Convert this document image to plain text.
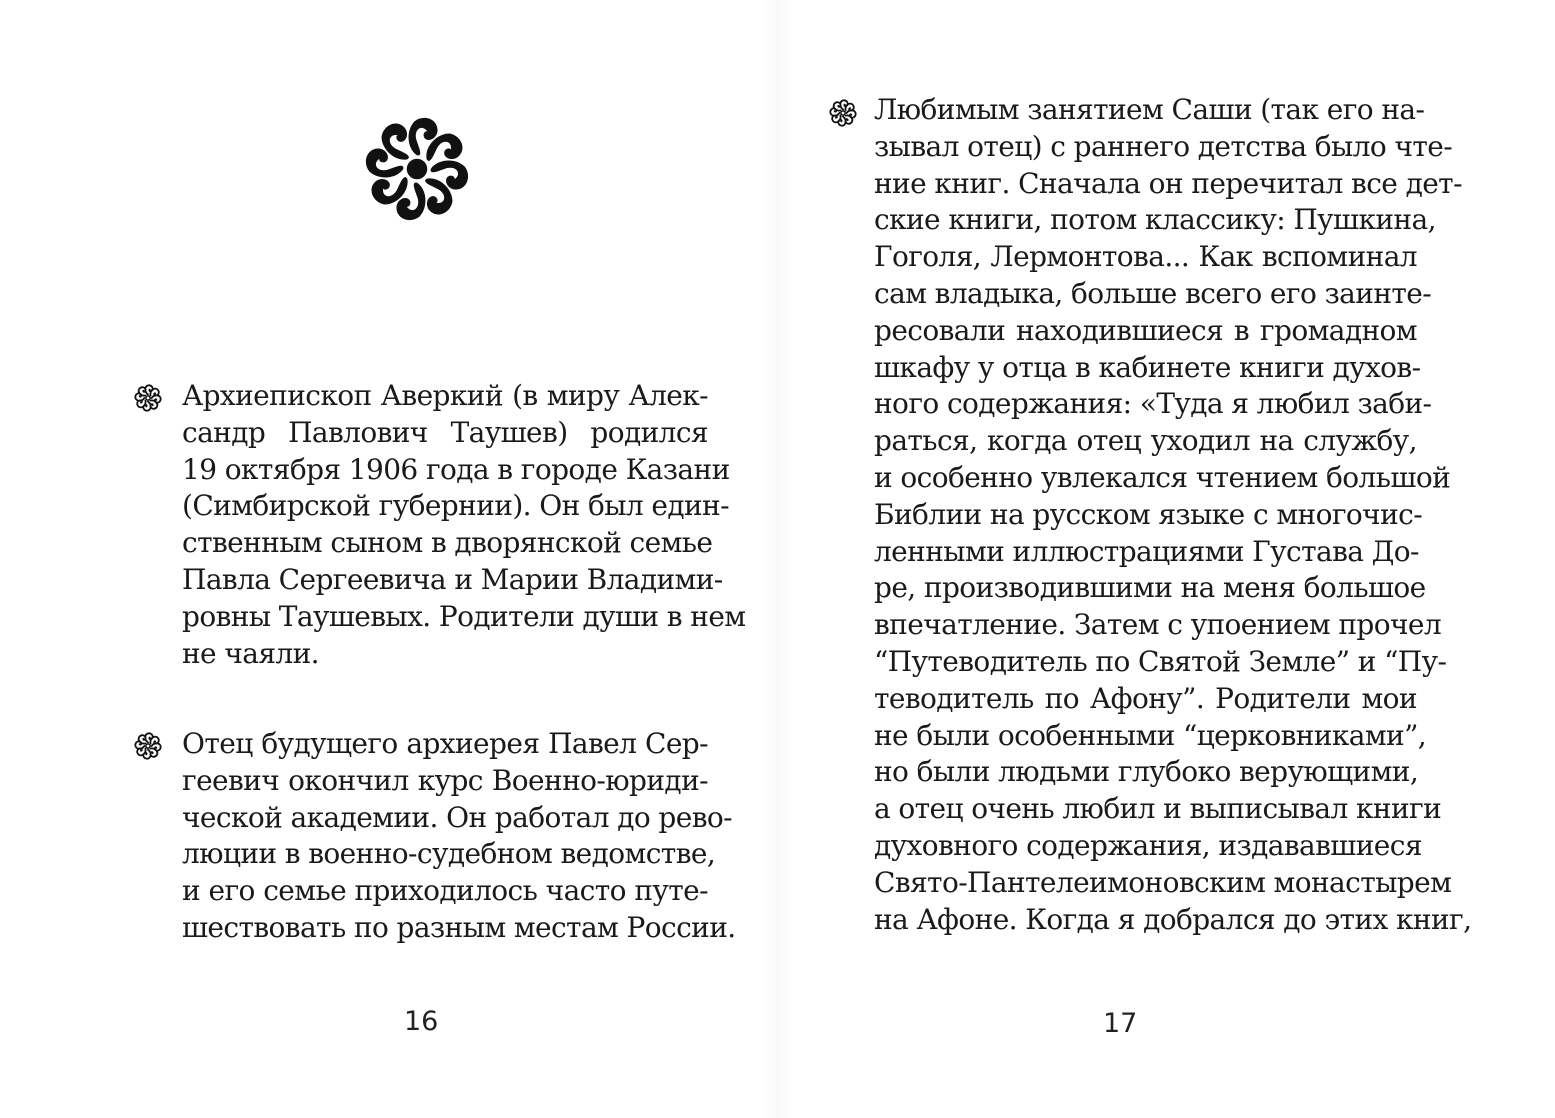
Архиепископ Аверкий (в миру Алек-
сандр Павлович Таушев) родился
19 октября 1906 года в городе Казани
(Симбирской губернии). Он был един-
ственным сыном в дворянской семье
Павла Сергеевича и Марии Владими-
ровны Таушевых. Родители души в нем
не чаяли.
Отец будущего архиерея Павел Сер-
геевич окончил курс Военно-юриди-
ческой академии. Он работал до рево-
люции в военно-судебном ведомстве,
и его семье приходилось часто путе-
шествовать по разным местам России.
16
Любимым занятием Саши (так его на-
зывал отец) с раннего детства было чте-
ние книг. Сначала он перечитал все дет-
ские книги, потом классику: Пушкина,
Гоголя, Лермонтова... Как вспоминал
сам владыка, больше всего его заинте-
ресовали находившиеся в громадном
шкафу у отца в кабинете книги духов-
ного содержания: «Туда я любил заби-
раться, когда отец уходил на службу,
и особенно увлекался чтением большой
Библии на русском языке с многочис-
ленными иллюстрациями Густава До-
ре, производившими на меня большое
впечатление. Затем с упоением прочел
“Путеводитель по Святой Земле” и “Пу-
теводитель по Афону”. Родители мои
не были особенными “церковниками”,
но были людьми глубоко верующими,
а отец очень любил и выписывал книги
духовного содержания, издававшиеся
Свято-Пантелеимоновским монастырем
на Афоне. Когда я добрался до этих книг,
17
